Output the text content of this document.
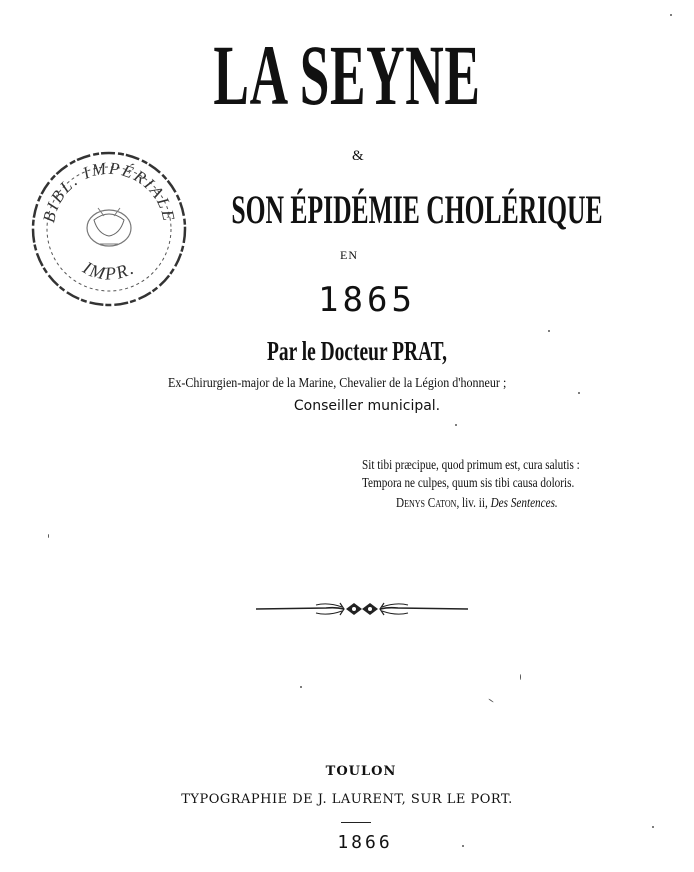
BIBL. IMPÉRIALE
IMPR.
LA SEYNE
&
SON ÉPIDÉMIE CHOLÉRIQUE
EN
1865
Par le Docteur PRAT,
Ex-Chirurgien-major de la Marine, Chevalier de la Légion d'honneur ;
Conseiller municipal.
Sit tibi præcipue, quod primum est, cura salutis :
Tempora ne culpes, quum sis tibi causa doloris.
Denys Caton, liv. ii, Des Sentences.
TOULON
TYPOGRAPHIE DE J. LAURENT, SUR LE PORT.
1866
